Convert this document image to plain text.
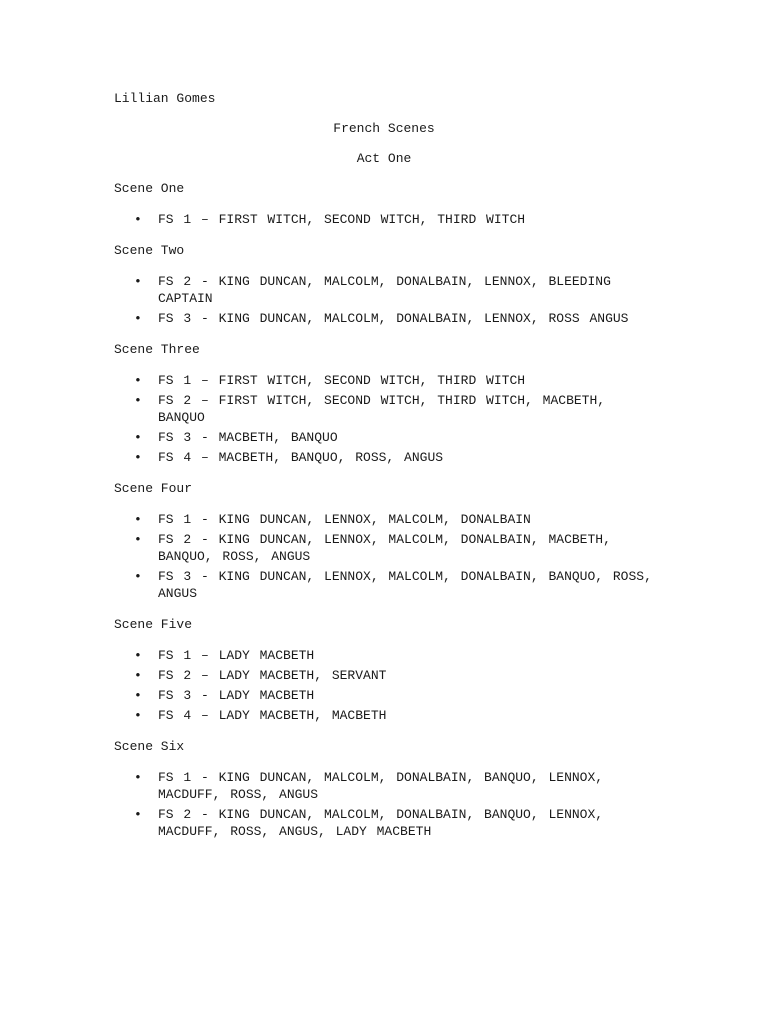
Lillian Gomes
French Scenes
Act One

Scene One

• FS 1 – FIRST WITCH, SECOND WITCH, THIRD WITCH

Scene Two

• FS 2 - KING DUNCAN, MALCOLM, DONALBAIN, LENNOX, BLEEDING CAPTAIN
• FS 3 - KING DUNCAN, MALCOLM, DONALBAIN, LENNOX, ROSS ANGUS

Scene Three

• FS 1 – FIRST WITCH, SECOND WITCH, THIRD WITCH
• FS 2 – FIRST WITCH, SECOND WITCH, THIRD WITCH, MACBETH, BANQUO
• FS 3 - MACBETH, BANQUO
• FS 4 – MACBETH, BANQUO, ROSS, ANGUS

Scene Four

• FS 1 - KING DUNCAN, LENNOX, MALCOLM, DONALBAIN
• FS 2 - KING DUNCAN, LENNOX, MALCOLM, DONALBAIN, MACBETH, BANQUO, ROSS, ANGUS
• FS 3 - KING DUNCAN, LENNOX, MALCOLM, DONALBAIN, BANQUO, ROSS, ANGUS

Scene Five

• FS 1 – LADY MACBETH
• FS 2 – LADY MACBETH, SERVANT
• FS 3 - LADY MACBETH
• FS 4 – LADY MACBETH, MACBETH

Scene Six

• FS 1 - KING DUNCAN, MALCOLM, DONALBAIN, BANQUO, LENNOX, MACDUFF, ROSS, ANGUS
• FS 2 - KING DUNCAN, MALCOLM, DONALBAIN, BANQUO, LENNOX, MACDUFF, ROSS, ANGUS, LADY MACBETH
